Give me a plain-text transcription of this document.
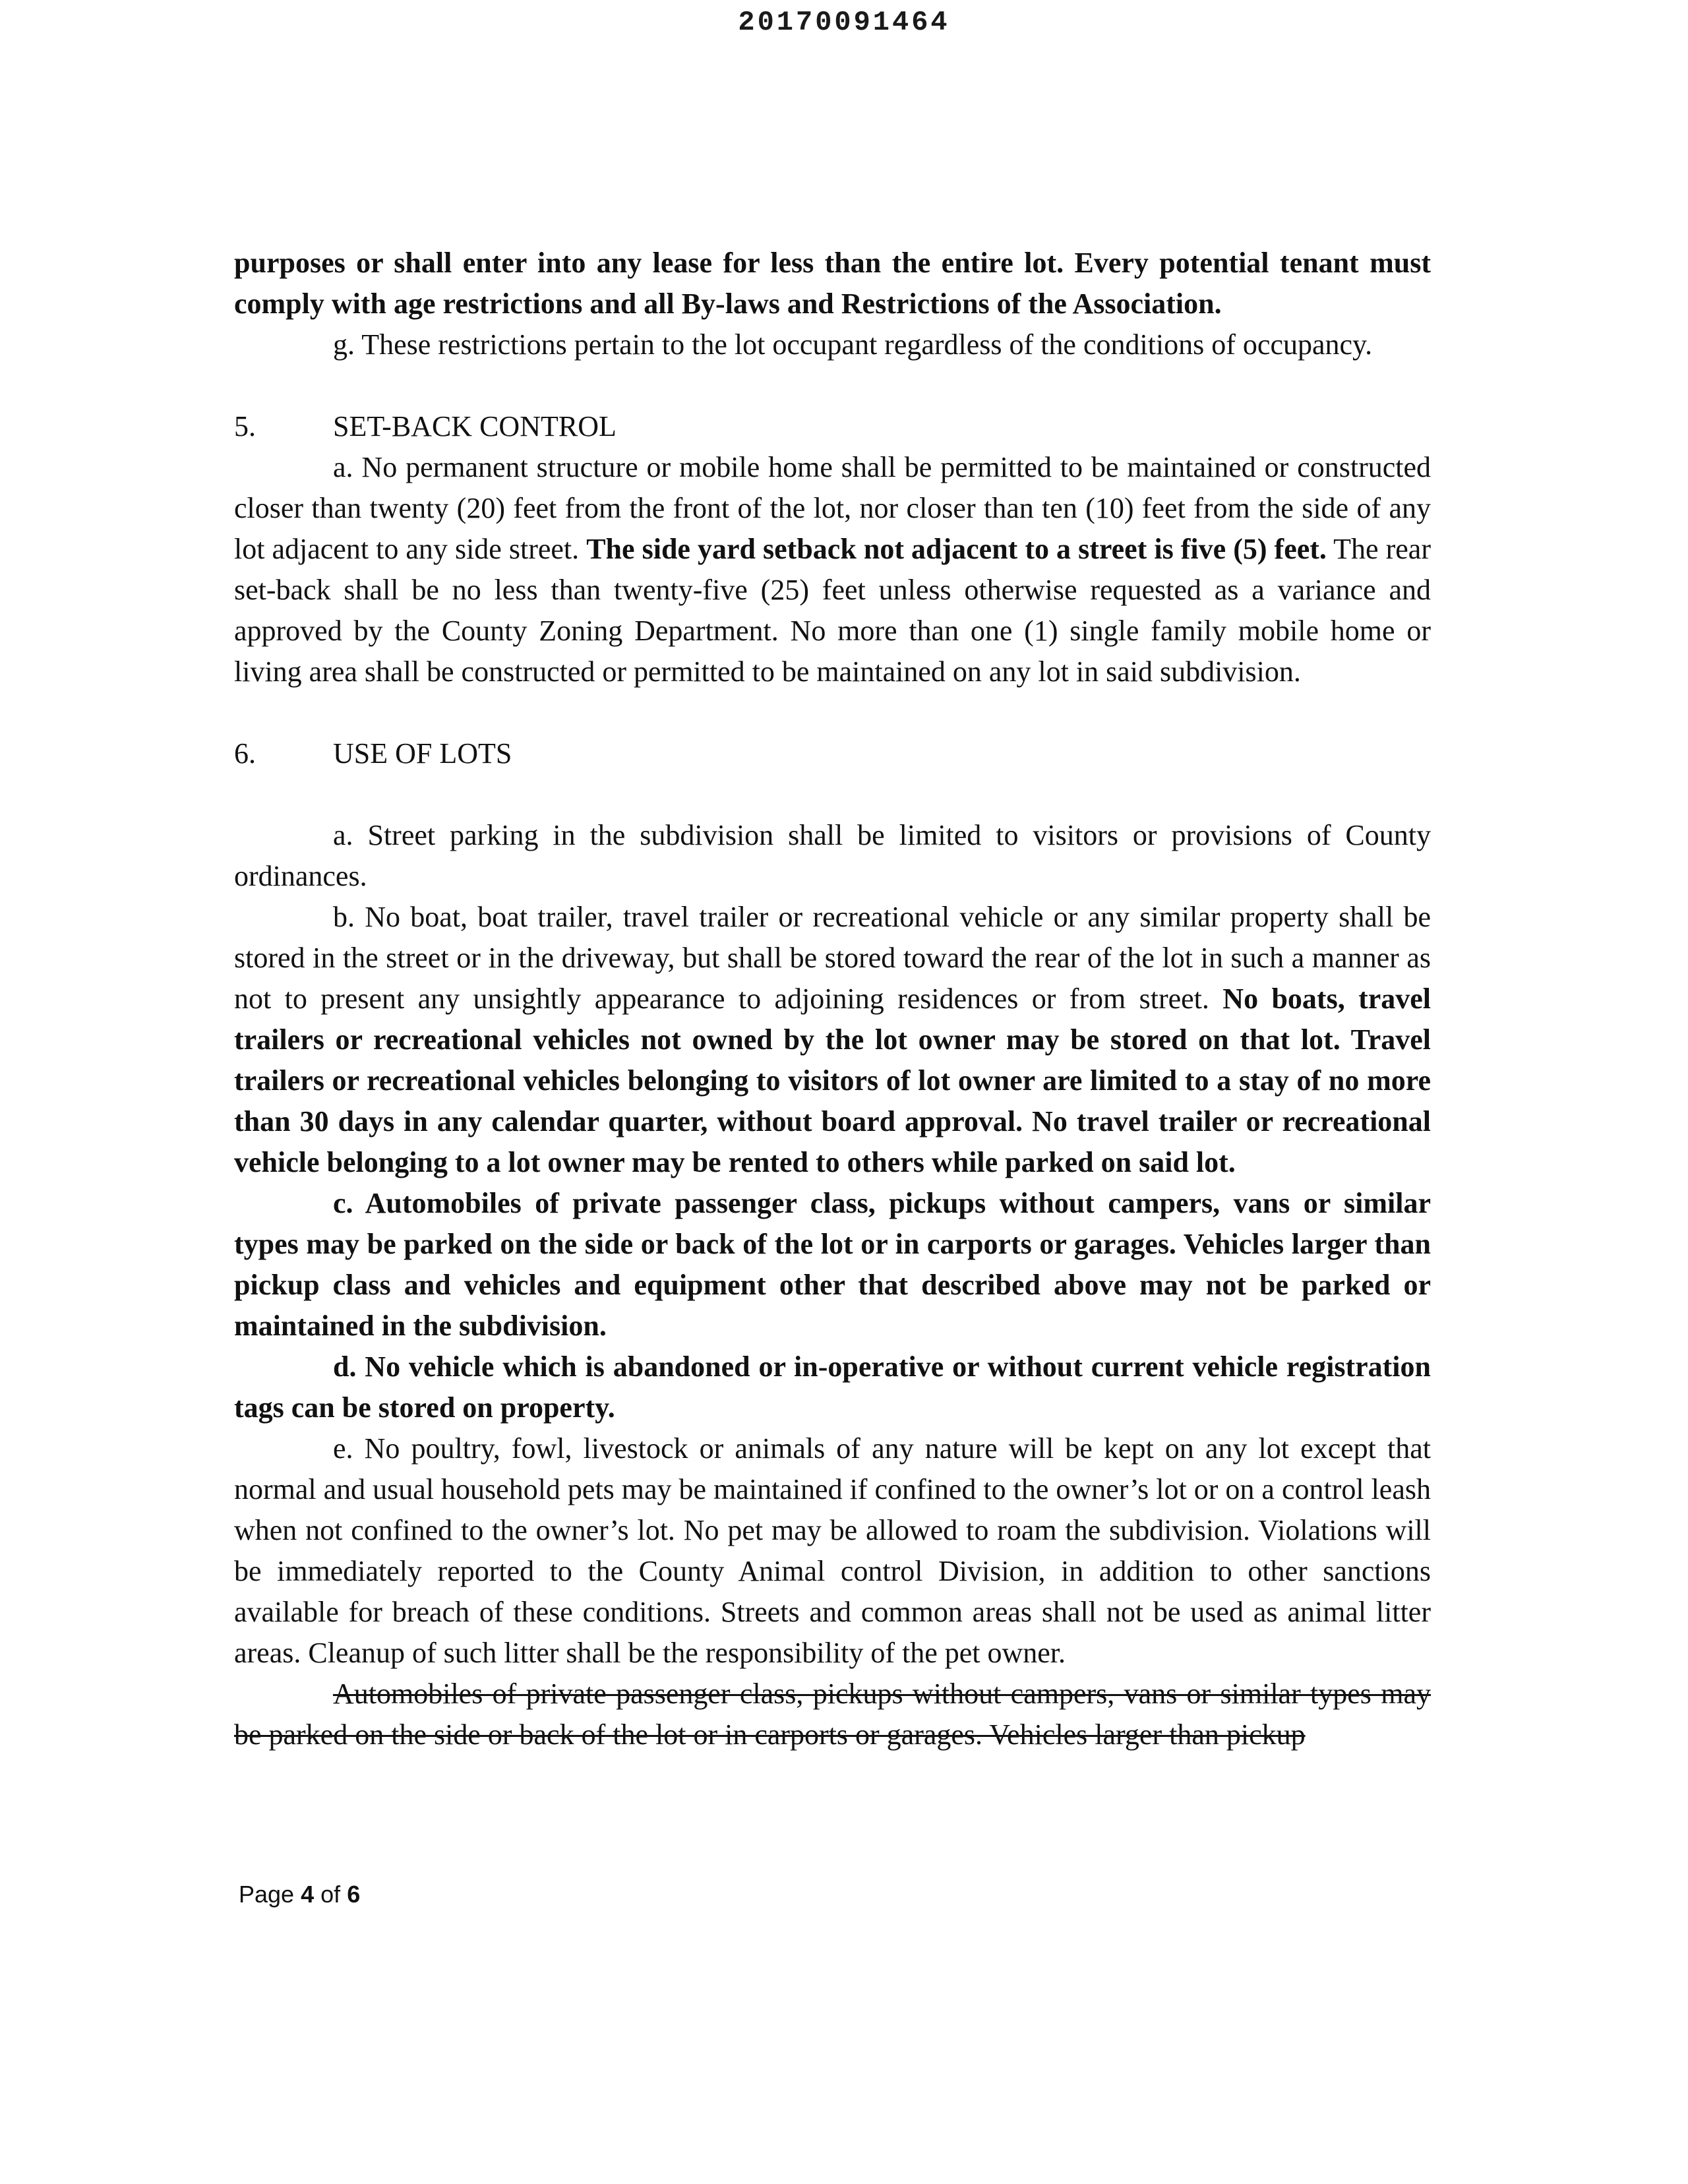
20170091464

purposes or shall enter into any lease for less than the entire lot. Every potential tenant must comply with age restrictions and all By-laws and Restrictions of the Association.

g. These restrictions pertain to the lot occupant regardless of the conditions of occupancy.

5.	SET-BACK CONTROL

a. No permanent structure or mobile home shall be permitted to be maintained or constructed closer than twenty (20) feet from the front of the lot, nor closer than ten (10) feet from the side of any lot adjacent to any side street. The side yard setback not adjacent to a street is five (5) feet. The rear set-back shall be no less than twenty-five (25) feet unless otherwise requested as a variance and approved by the County Zoning Department. No more than one (1) single family mobile home or living area shall be constructed or permitted to be maintained on any lot in said subdivision.

6.	USE OF LOTS

a. Street parking in the subdivision shall be limited to visitors or provisions of County ordinances.

b. No boat, boat trailer, travel trailer or recreational vehicle or any similar property shall be stored in the street or in the driveway, but shall be stored toward the rear of the lot in such a manner as not to present any unsightly appearance to adjoining residences or from street. No boats, travel trailers or recreational vehicles not owned by the lot owner may be stored on that lot. Travel trailers or recreational vehicles belonging to visitors of lot owner are limited to a stay of no more than 30 days in any calendar quarter, without board approval. No travel trailer or recreational vehicle belonging to a lot owner may be rented to others while parked on said lot.

c. Automobiles of private passenger class, pickups without campers, vans or similar types may be parked on the side or back of the lot or in carports or garages. Vehicles larger than pickup class and vehicles and equipment other that described above may not be parked or maintained in the subdivision.

d. No vehicle which is abandoned or in-operative or without current vehicle registration tags can be stored on property.

e. No poultry, fowl, livestock or animals of any nature will be kept on any lot except that normal and usual household pets may be maintained if confined to the owner’s lot or on a control leash when not confined to the owner’s lot. No pet may be allowed to roam the subdivision. Violations will be immediately reported to the County Animal control Division, in addition to other sanctions available for breach of these conditions. Streets and common areas shall not be used as animal litter areas. Cleanup of such litter shall be the responsibility of the pet owner.

Automobiles of private passenger class, pickups without campers, vans or similar types may be parked on the side or back of the lot or in carports or garages. Vehicles larger than pickup

Page 4 of 6
